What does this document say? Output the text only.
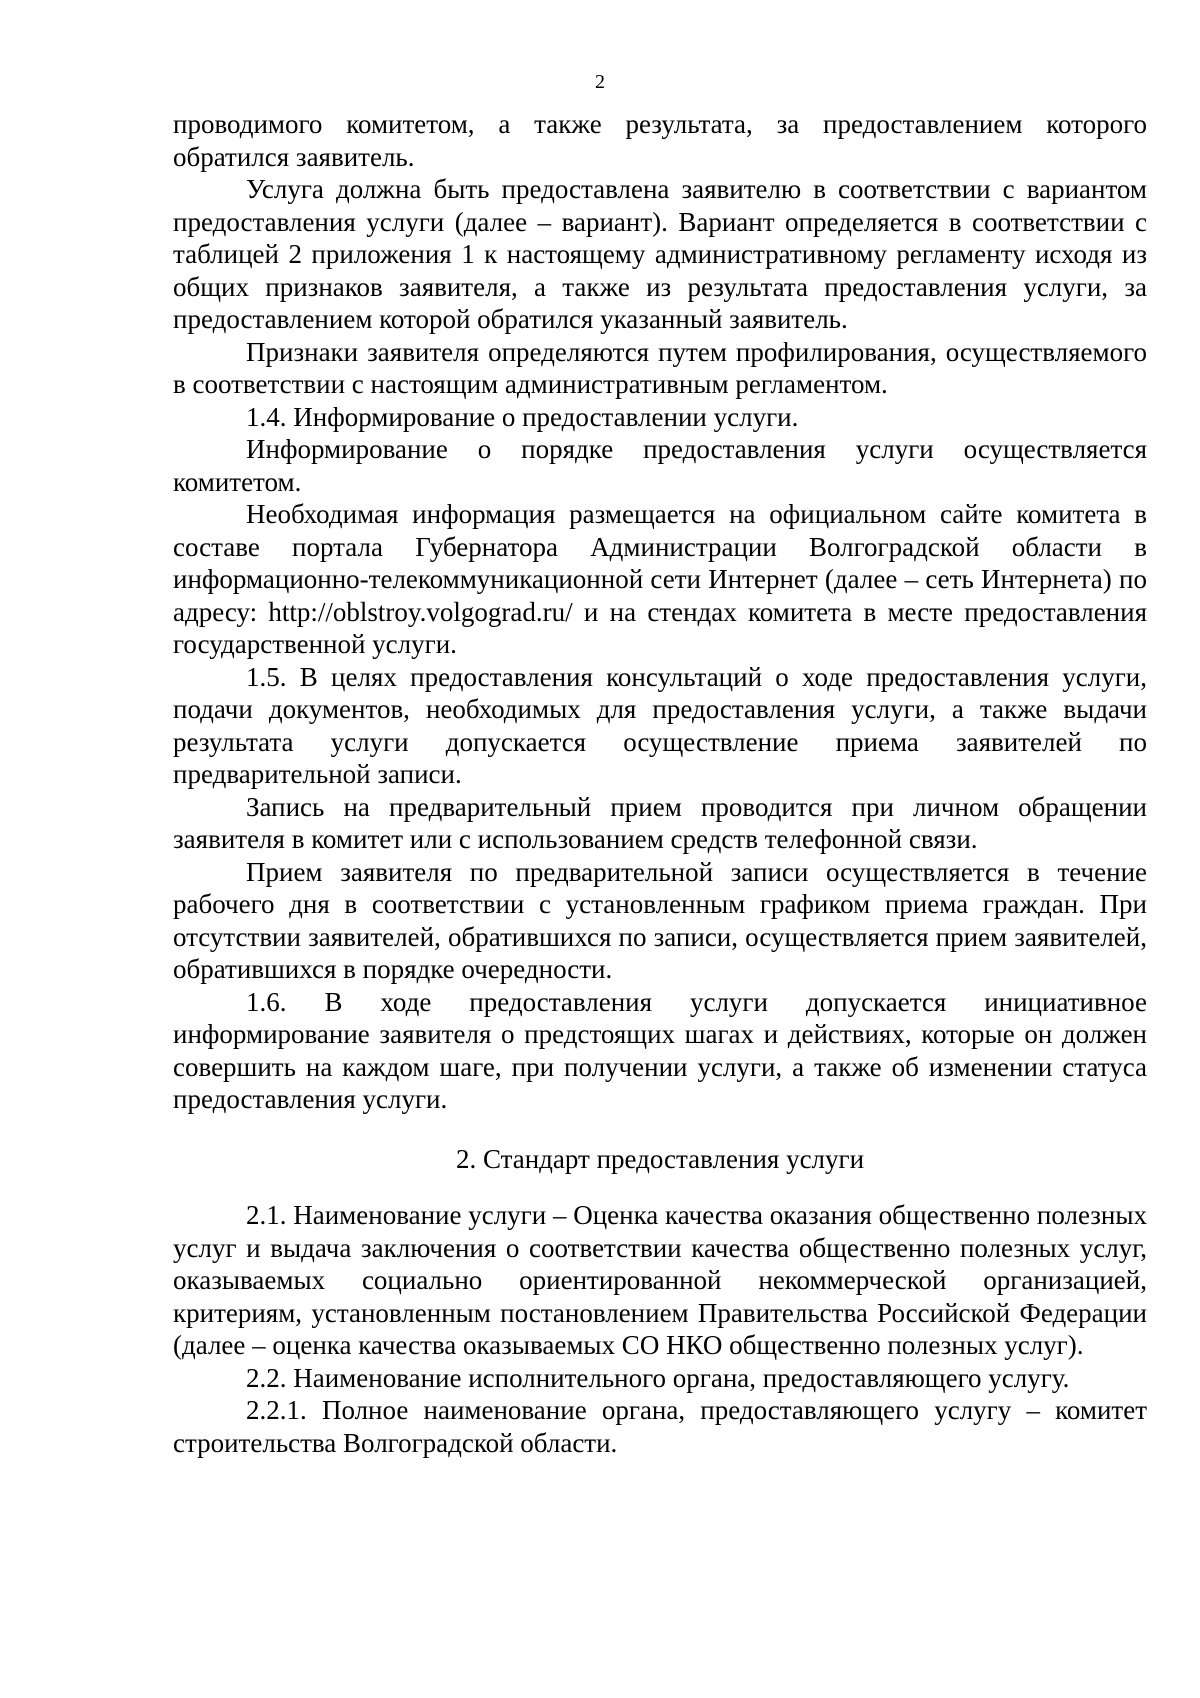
2

проводимого комитетом, а также результата, за предоставлением которого обратился заявитель.

Услуга должна быть предоставлена заявителю в соответствии с вариантом предоставления услуги (далее – вариант). Вариант определяется в соответствии с таблицей 2 приложения 1 к настоящему административному регламенту исходя из общих признаков заявителя, а также из результата предоставления услуги, за предоставлением которой обратился указанный заявитель.

Признаки заявителя определяются путем профилирования, осуществляемого в соответствии с настоящим административным регламентом.

1.4. Информирование о предоставлении услуги.

Информирование о порядке предоставления услуги осуществляется комитетом.

Необходимая информация размещается на официальном сайте комитета в составе портала Губернатора Администрации Волгоградской области в информационно-телекоммуникационной сети Интернет (далее – сеть Интернета) по адресу: http://oblstroy.volgograd.ru/ и на стендах комитета в месте предоставления государственной услуги.

1.5. В целях предоставления консультаций о ходе предоставления услуги, подачи документов, необходимых для предоставления услуги, а также выдачи результата услуги допускается осуществление приема заявителей по предварительной записи.

Запись на предварительный прием проводится при личном обращении заявителя в комитет или с использованием средств телефонной связи.

Прием заявителя по предварительной записи осуществляется в течение рабочего дня в соответствии с установленным графиком приема граждан. При отсутствии заявителей, обратившихся по записи, осуществляется прием заявителей, обратившихся в порядке очередности.

1.6. В ходе предоставления услуги допускается инициативное информирование заявителя о предстоящих шагах и действиях, которые он должен совершить на каждом шаге, при получении услуги, а также об изменении статуса предоставления услуги.

2. Стандарт предоставления услуги

2.1. Наименование услуги – Оценка качества оказания общественно полезных услуг и выдача заключения о соответствии качества общественно полезных услуг, оказываемых социально ориентированной некоммерческой организацией, критериям, установленным постановлением Правительства Российской Федерации (далее – оценка качества оказываемых СО НКО общественно полезных услуг).

2.2. Наименование исполнительного органа, предоставляющего услугу.

2.2.1. Полное наименование органа, предоставляющего услугу – комитет строительства Волгоградской области.
